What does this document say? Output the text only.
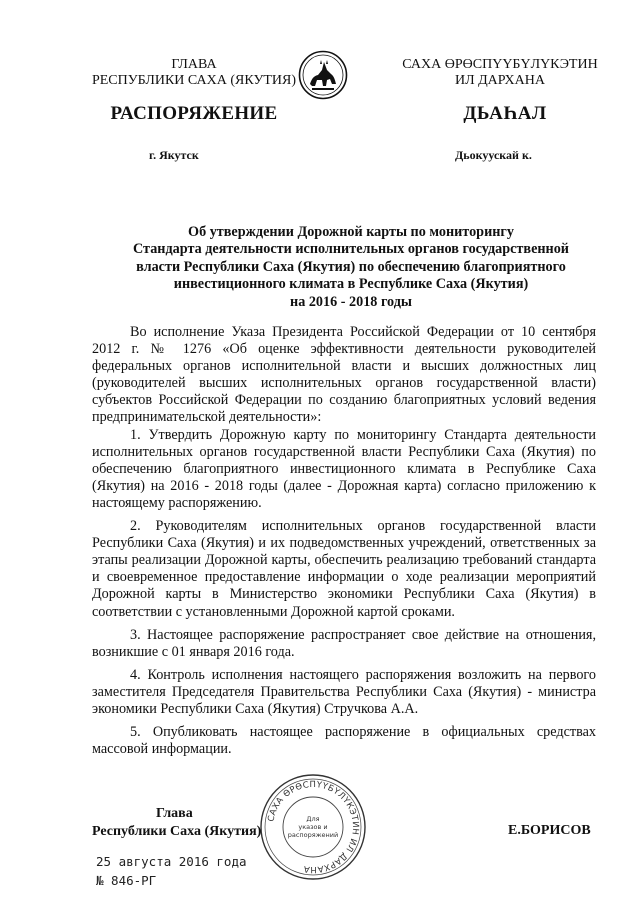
ГЛАВА
РЕСПУБЛИКИ САХА (ЯКУТИЯ)
САХА ӨРӨСПҮҮБҮЛҮКЭТИН
ИЛ ДАРХАНА
РАСПОРЯЖЕНИЕ	ДЬАҺАЛ
г. Якутск	Дьокуускай к.
Об утверждении Дорожной карты по мониторингу
Стандарта деятельности исполнительных органов государственной
власти Республики Саха (Якутия) по обеспечению благоприятного
инвестиционного климата в Республике Саха (Якутия)
на 2016 - 2018 годы

Во исполнение Указа Президента Российской Федерации от 10 сентября 2012 г. № 1276 «Об оценке эффективности деятельности руководителей федеральных органов исполнительной власти и высших должностных лиц (руководителей высших исполнительных органов государственной власти) субъектов Российской Федерации по созданию благоприятных условий ведения предпринимательской деятельности»:

1. Утвердить Дорожную карту по мониторингу Стандарта деятельности исполнительных органов государственной власти Республики Саха (Якутия) по обеспечению благоприятного инвестиционного климата в Республике Саха (Якутия) на 2016 - 2018 годы (далее - Дорожная карта) согласно приложению к настоящему распоряжению.

2. Руководителям исполнительных органов государственной власти Республики Саха (Якутия) и их подведомственных учреждений, ответственных за этапы реализации Дорожной карты, обеспечить реализацию требований стандарта и своевременное предоставление информации о ходе реализации мероприятий Дорожной карты в Министерство экономики Республики Саха (Якутия) в соответствии с установленными Дорожной картой сроками.

3. Настоящее распоряжение распространяет свое действие на отношения, возникшие с 01 января 2016 года.

4. Контроль исполнения настоящего распоряжения возложить на первого заместителя Председателя Правительства Республики Саха (Якутия) - министра экономики Республики Саха (Якутия) Стручкова А.А.

5. Опубликовать настоящее распоряжение в официальных средствах массовой информации.

САХА ӨРӨСПҮҮБҮЛҮКЭТИН ИЛ ДАРХАНА
Для
указов и
распоряжений
Глава
Республики Саха (Якутия)	Е.БОРИСОВ
25 августа 2016 года
№ 846-РГ
